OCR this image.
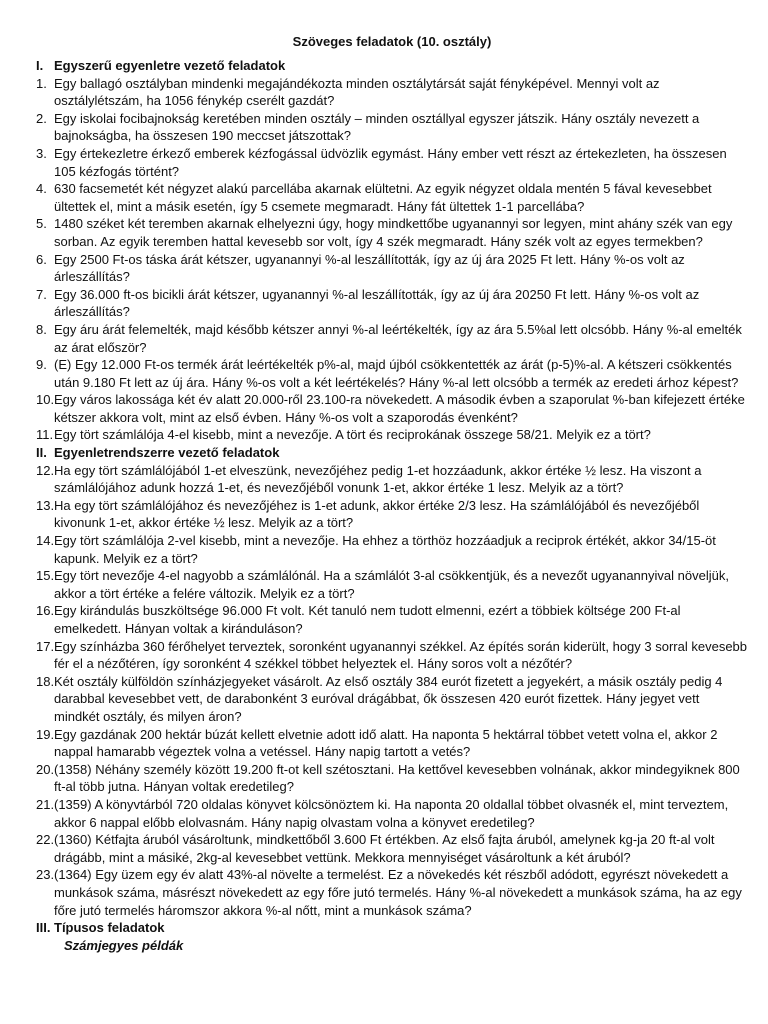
Szöveges feladatok (10. osztály)
I. Egyszerű egyenletre vezető feladatok
1. Egy ballagó osztályban mindenki megajándékozta minden osztálytársát saját fényképével. Mennyi volt az osztálylétszám, ha 1056 fénykép cserélt gazdát?
2. Egy iskolai focibajnokság keretében minden osztály – minden osztállyal egyszer játszik. Hány osztály nevezett a bajnokságba, ha összesen 190 meccset játszottak?
3. Egy értekezletre érkező emberek kézfogással üdvözlik egymást. Hány ember vett részt az értekezleten, ha összesen 105 kézfogás történt?
4. 630 facsemetét két négyzet alakú parcellába akarnak elültetni. Az egyik négyzet oldala mentén 5 fával kevesebbet ültettek el, mint a másik esetén, így 5 csemete megmaradt. Hány fát ültettek 1-1 parcellába?
5. 1480 széket két teremben akarnak elhelyezni úgy, hogy mindkettőbe ugyanannyi sor legyen, mint ahány szék van egy sorban. Az egyik teremben hattal kevesebb sor volt, így 4 szék megmaradt. Hány szék volt az egyes termekben?
6. Egy 2500 Ft-os táska árát kétszer, ugyanannyi %-al leszállították, így az új ára 2025 Ft lett. Hány %-os volt az árleszállítás?
7. Egy 36.000 ft-os bicikli árát kétszer, ugyanannyi %-al leszállították, így az új ára 20250 Ft lett. Hány %-os volt az árleszállítás?
8. Egy áru árát felemelték, majd később kétszer annyi %-al leértékelték, így az ára 5.5%al lett olcsóbb. Hány %-al emelték az árat először?
9. (E) Egy 12.000 Ft-os termék árát leértékelték p%-al, majd újból csökkentették az árát (p-5)%-al. A kétszeri csökkentés után 9.180 Ft lett az új ára. Hány %-os volt a két leértékelés? Hány %-al lett olcsóbb a termék az eredeti árhoz képest?
10. Egy város lakossága két év alatt 20.000-ről 23.100-ra növekedett. A második évben a szaporulat %-ban kifejezett értéke kétszer akkora volt, mint az első évben. Hány %-os volt a szaporodás évenként?
11. Egy tört számlálója 4-el kisebb, mint a nevezője. A tört és reciprokának összege 58/21. Melyik ez a tört?
II. Egyenletrendszerre vezető feladatok
12. Ha egy tört számlálójából 1-et elveszünk, nevezőjéhez pedig 1-et hozzáadunk, akkor értéke ½ lesz. Ha viszont a számlálójához adunk hozzá 1-et, és nevezőjéből vonunk 1-et, akkor értéke 1 lesz. Melyik az a tört?
13. Ha egy tört számlálójához és nevezőjéhez is 1-et adunk, akkor értéke 2/3 lesz. Ha számlálójából és nevezőjéből kivonunk 1-et, akkor értéke ½ lesz. Melyik az a tört?
14. Egy tört számlálója 2-vel kisebb, mint a nevezője. Ha ehhez a törthöz hozzáadjuk a reciprok értékét, akkor 34/15-öt kapunk. Melyik ez a tört?
15. Egy tört nevezője 4-el nagyobb a számlálónál. Ha a számlálót 3-al csökkentjük, és a nevezőt ugyanannyival növeljük, akkor a tört értéke a felére változik. Melyik ez a tört?
16. Egy kirándulás buszköltsége 96.000 Ft volt. Két tanuló nem tudott elmenni, ezért a többiek költsége 200 Ft-al emelkedett. Hányan voltak a kiránduláson?
17. Egy színházba 360 férőhelyet terveztek, soronként ugyanannyi székkel. Az építés során kiderült, hogy 3 sorral kevesebb fér el a nézőtéren, így soronként 4 székkel többet helyeztek el. Hány soros volt a nézőtér?
18. Két osztály külföldön színházjegyeket vásárolt. Az első osztály 384 eurót fizetett a jegyekért, a másik osztály pedig 4 darabbal kevesebbet vett, de darabonként 3 euróval drágábbat, ők összesen 420 eurót fizettek. Hány jegyet vett mindkét osztály, és milyen áron?
19. Egy gazdának 200 hektár búzát kellett elvetnie adott idő alatt. Ha naponta 5 hektárral többet vetett volna el, akkor 2 nappal hamarabb végeztek volna a vetéssel. Hány napig tartott a vetés?
20. (1358) Néhány személy között 19.200 ft-ot kell szétosztani. Ha kettővel kevesebben volnának, akkor mindegyiknek 800 ft-al több jutna. Hányan voltak eredetileg?
21. (1359) A könyvtárból 720 oldalas könyvet kölcsönöztem ki. Ha naponta 20 oldallal többet olvasnék el, mint terveztem, akkor 6 nappal előbb elolvasnám. Hány napig olvastam volna a könyvet eredetileg?
22. (1360) Kétfajta áruból vásároltunk, mindkettőből 3.600 Ft értékben. Az első fajta áruból, amelynek kg-ja 20 ft-al volt drágább, mint a másiké, 2kg-al kevesebbet vettünk. Mekkora mennyiséget vásároltunk a két áruból?
23. (1364) Egy üzem egy év alatt 43%-al növelte a termelést. Ez a növekedés két részből adódott, egyrészt növekedett a munkások száma, másrészt növekedett az egy főre jutó termelés. Hány %-al növekedett a munkások száma, ha az egy főre jutó termelés háromszor akkora %-al nőtt, mint a munkások száma?
III. Típusos feladatok
Számjegyes példák
